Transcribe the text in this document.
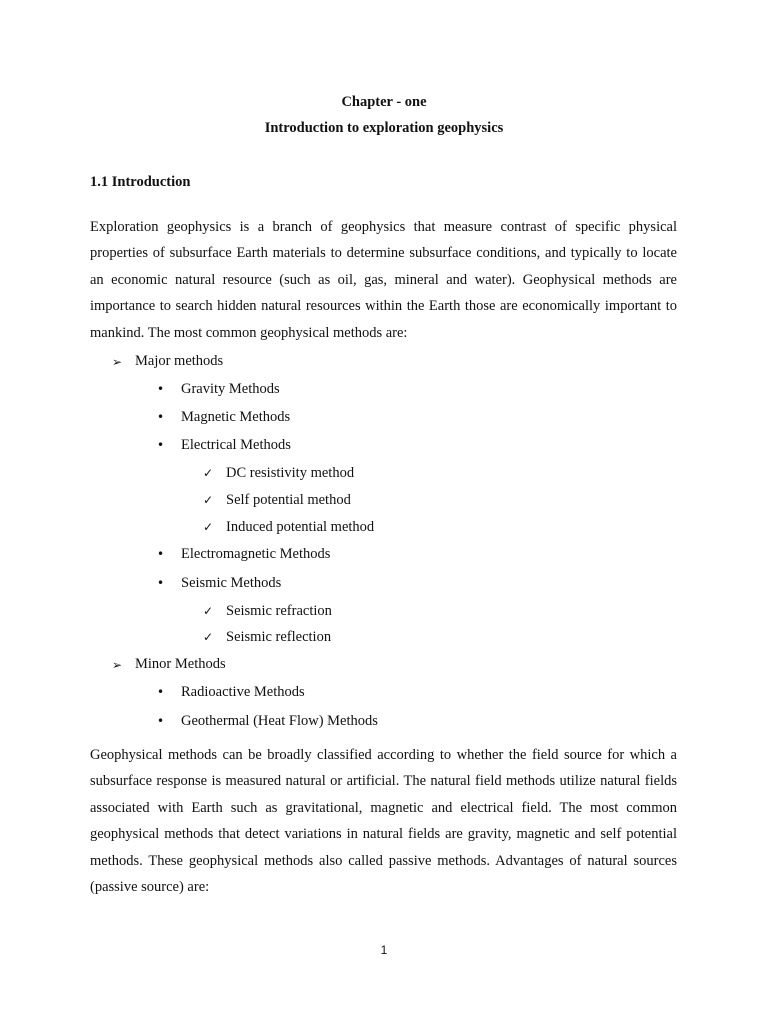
Chapter - one
Introduction to exploration geophysics
1.1 Introduction

Exploration geophysics is a branch of geophysics that measure contrast of specific physical properties of subsurface Earth materials to determine subsurface conditions, and typically to locate an economic natural resource (such as oil, gas, mineral and water). Geophysical methods are importance to search hidden natural resources within the Earth those are economically important to mankind. The most common geophysical methods are:

➢ Major methods
• Gravity Methods
• Magnetic Methods
• Electrical Methods
✓ DC resistivity method
✓ Self potential method
✓ Induced potential method
• Electromagnetic Methods
• Seismic Methods
✓ Seismic refraction
✓ Seismic reflection
➢ Minor Methods
• Radioactive Methods
• Geothermal (Heat Flow) Methods

Geophysical methods can be broadly classified according to whether the field source for which a subsurface response is measured natural or artificial. The natural field methods utilize natural fields associated with Earth such as gravitational, magnetic and electrical field. The most common geophysical methods that detect variations in natural fields are gravity, magnetic and self potential methods. These geophysical methods also called passive methods. Advantages of natural sources (passive source) are:

1
